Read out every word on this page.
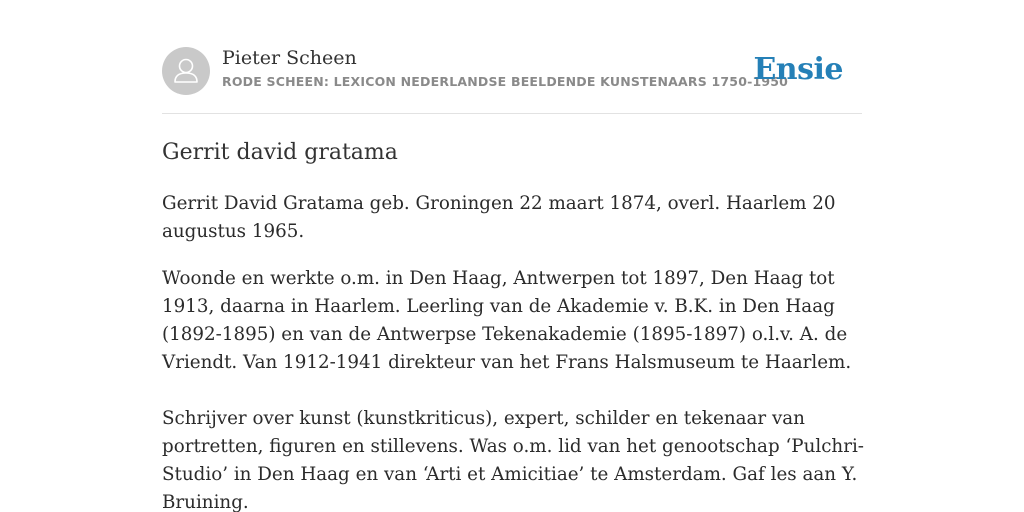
Pieter Scheen
RODE SCHEEN: LEXICON NEDERLANDSE BEELDENDE KUNSTENAARS 1750-1950
Ensie
Gerrit david gratama

Gerrit David Gratama geb. Groningen 22 maart 1874, overl. Haarlem 20 augustus 1965.

Woonde en werkte o.m. in Den Haag, Antwerpen tot 1897, Den Haag tot 1913, daarna in Haarlem. Leerling van de Akademie v. B.K. in Den Haag (1892-1895) en van de Antwerpse Tekenakademie (1895-1897) o.l.v. A. de Vriendt. Van 1912-1941 direkteur van het Frans Halsmuseum te Haarlem.

Schrijver over kunst (kunstkriticus), expert, schilder en tekenaar van portretten, figuren en stillevens. Was o.m. lid van het genootschap ‘Pulchri-Studio’ in Den Haag en van ‘Arti et Amicitiae’ te Amsterdam. Gaf les aan Y. Bruining.
